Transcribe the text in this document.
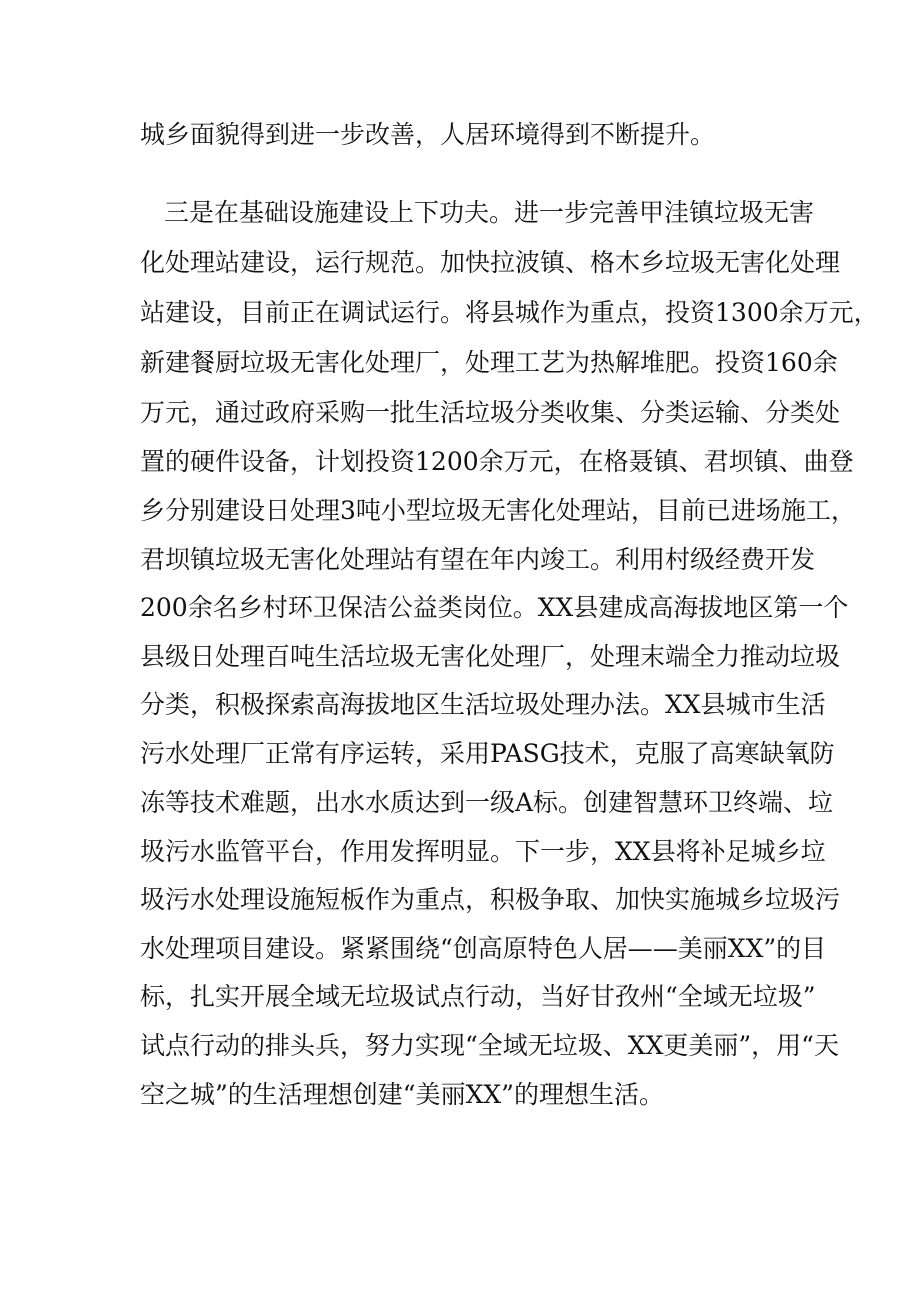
城乡面貌得到进一步改善，人居环境得到不断提升。
三是在基础设施建设上下功夫。进一步完善甲洼镇垃圾无害
化处理站建设，运行规范。加快拉波镇、格木乡垃圾无害化处理
站建设，目前正在调试运行。将县城作为重点，投资1300余万元，
新建餐厨垃圾无害化处理厂，处理工艺为热解堆肥。投资160余
万元，通过政府采购一批生活垃圾分类收集、分类运输、分类处
置的硬件设备，计划投资1200余万元，在格聂镇、君坝镇、曲登
乡分别建设日处理3吨小型垃圾无害化处理站，目前已进场施工，
君坝镇垃圾无害化处理站有望在年内竣工。利用村级经费开发
200余名乡村环卫保洁公益类岗位。XX县建成高海拔地区第一个
县级日处理百吨生活垃圾无害化处理厂，处理末端全力推动垃圾
分类，积极探索高海拔地区生活垃圾处理办法。XX县城市生活
污水处理厂正常有序运转，采用PASG技术，克服了高寒缺氧防
冻等技术难题，出水水质达到一级A标。创建智慧环卫终端、垃
圾污水监管平台，作用发挥明显。下一步，XX县将补足城乡垃
圾污水处理设施短板作为重点，积极争取、加快实施城乡垃圾污
水处理项目建设。紧紧围绕“创高原特色人居——美丽XX”的目
标，扎实开展全域无垃圾试点行动，当好甘孜州“全域无垃圾”
试点行动的排头兵，努力实现“全域无垃圾、XX更美丽”，用“天
空之城”的生活理想创建“美丽XX”的理想生活。
